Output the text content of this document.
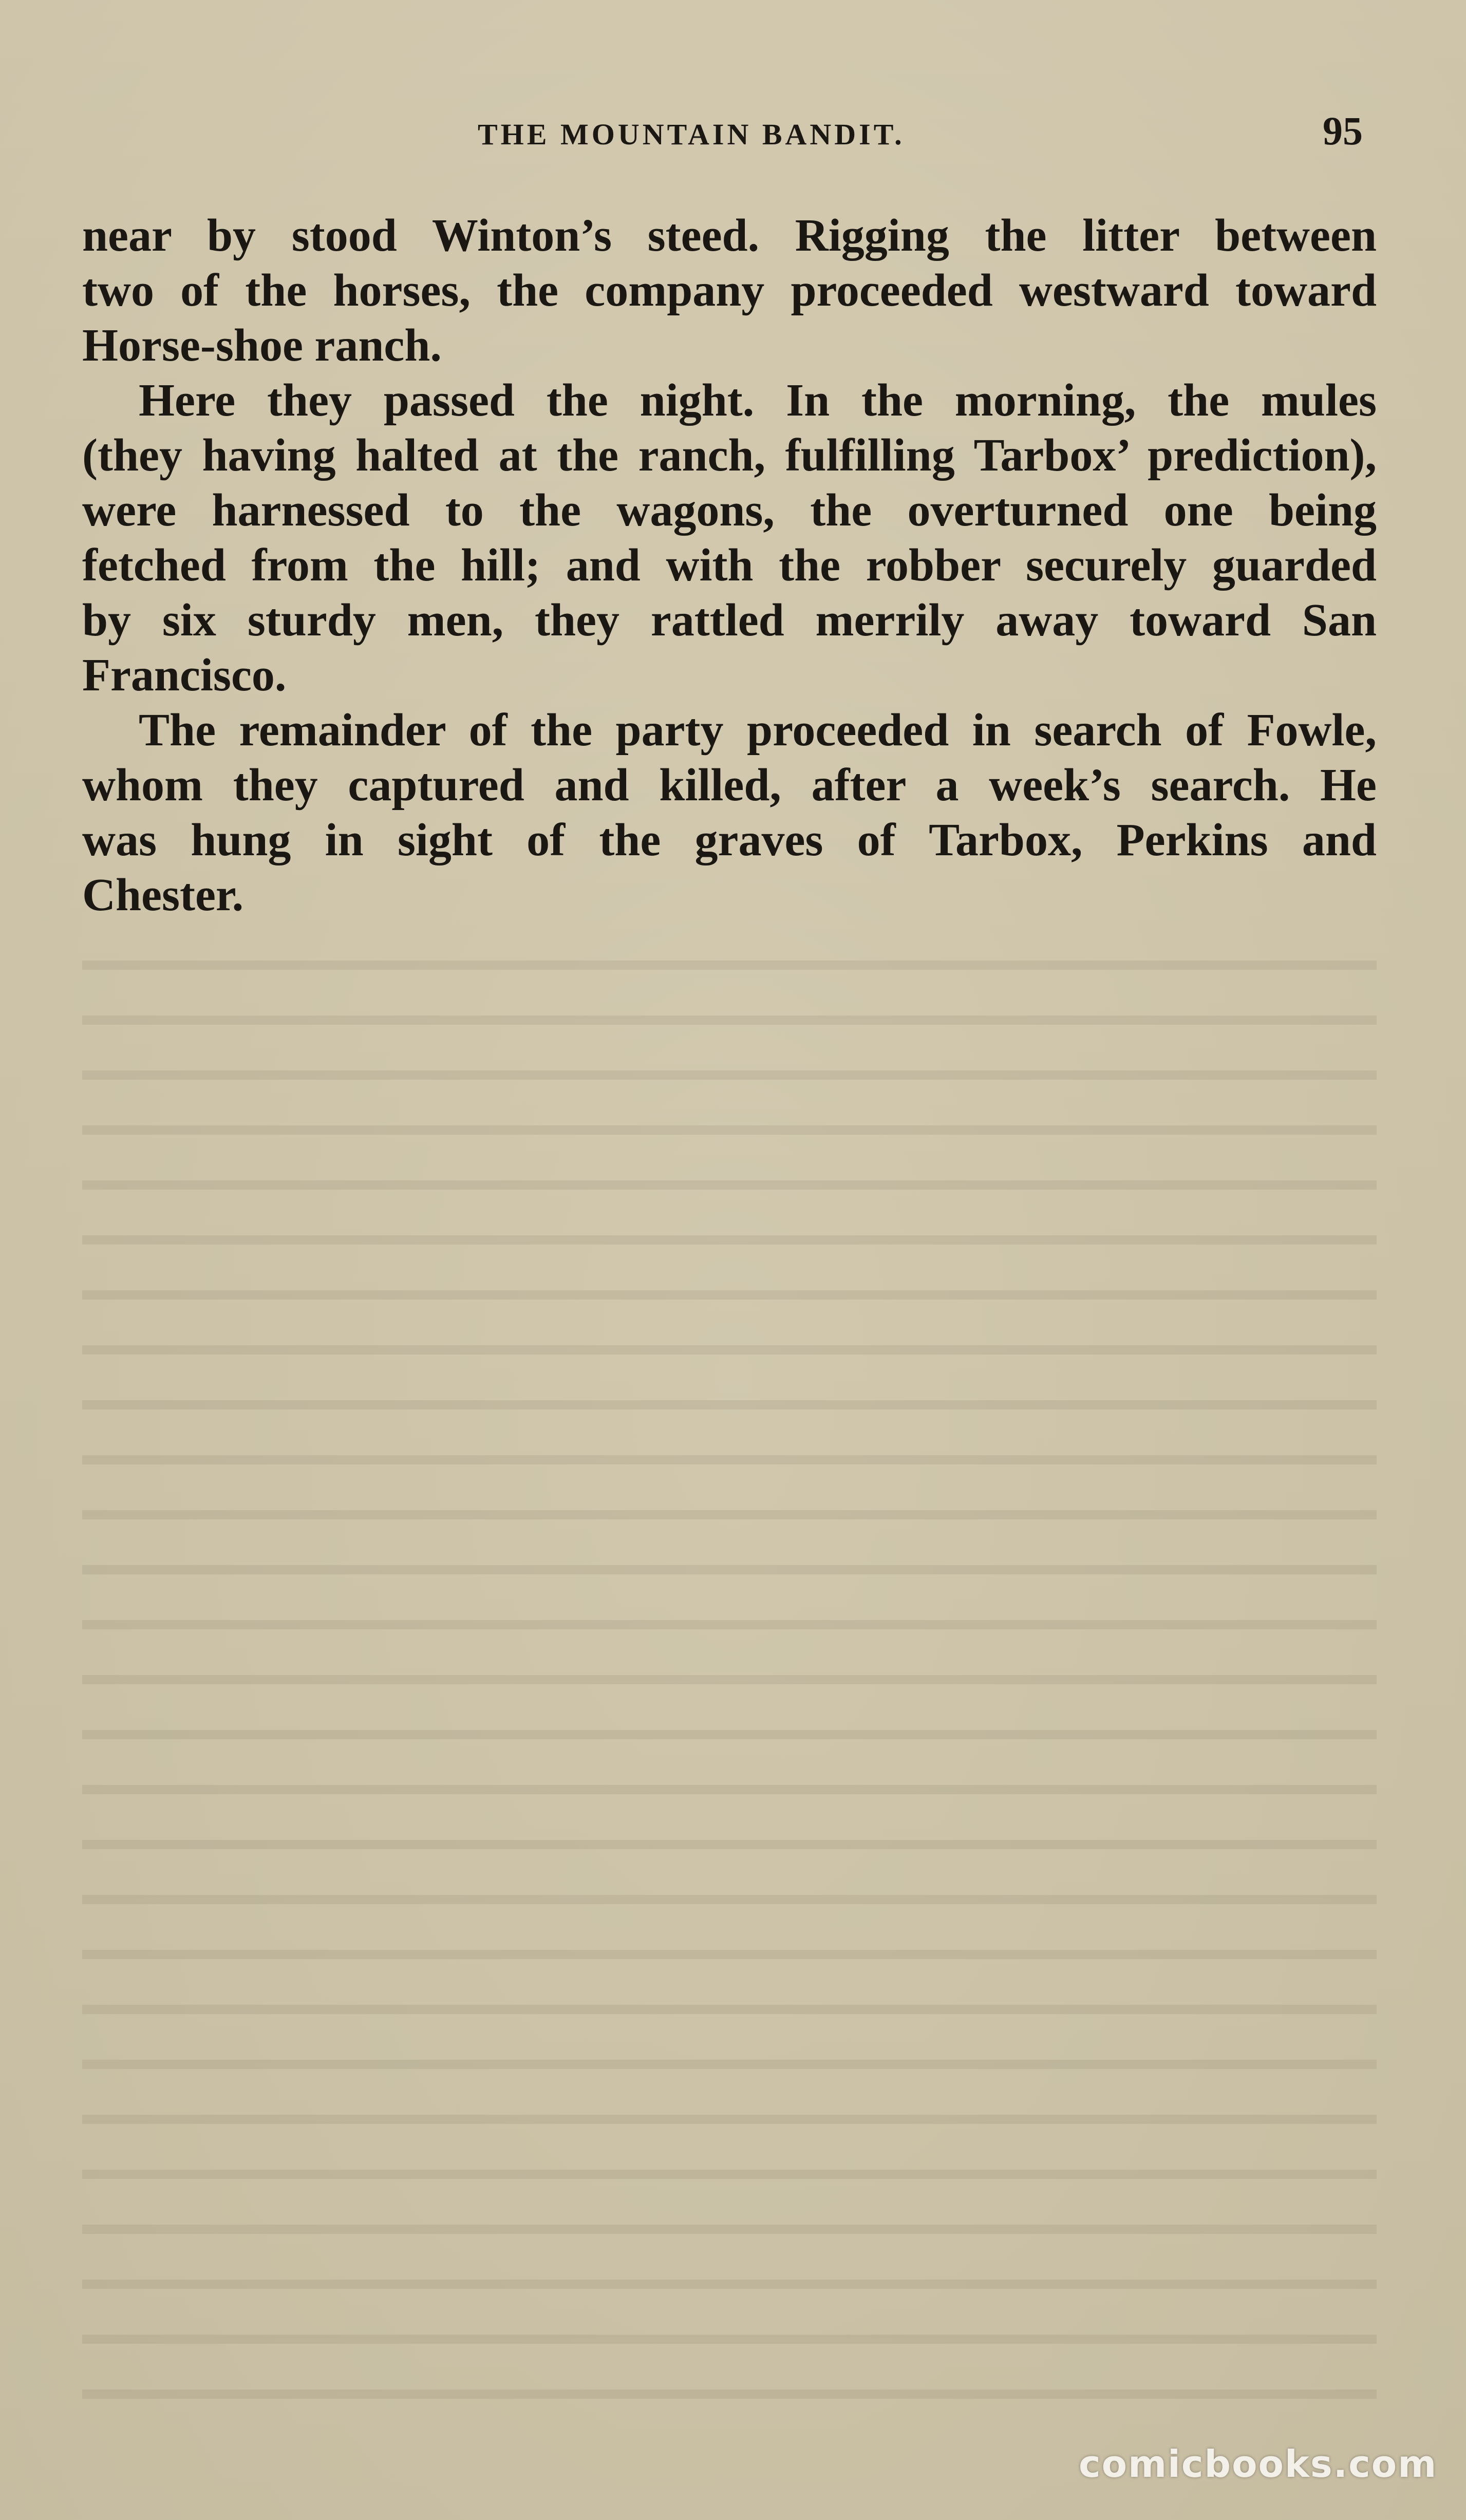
THE MOUNTAIN BANDIT.	95

near by stood Winton’s steed. Rigging the litter between
two of the horses, the company proceeded westward toward
Horse-shoe ranch.

Here they passed the night. In the morning, the mules
(they having halted at the ranch, fulfilling Tarbox’ prediction),
were harnessed to the wagons, the overturned one being
fetched from the hill; and with the robber securely guarded
by six sturdy men, they rattled merrily away toward San
Francisco.

The remainder of the party proceeded in search of Fowle,
whom they captured and killed, after a week’s search. He
was hung in sight of the graves of Tarbox, Perkins and
Chester.

comicbooks.com
